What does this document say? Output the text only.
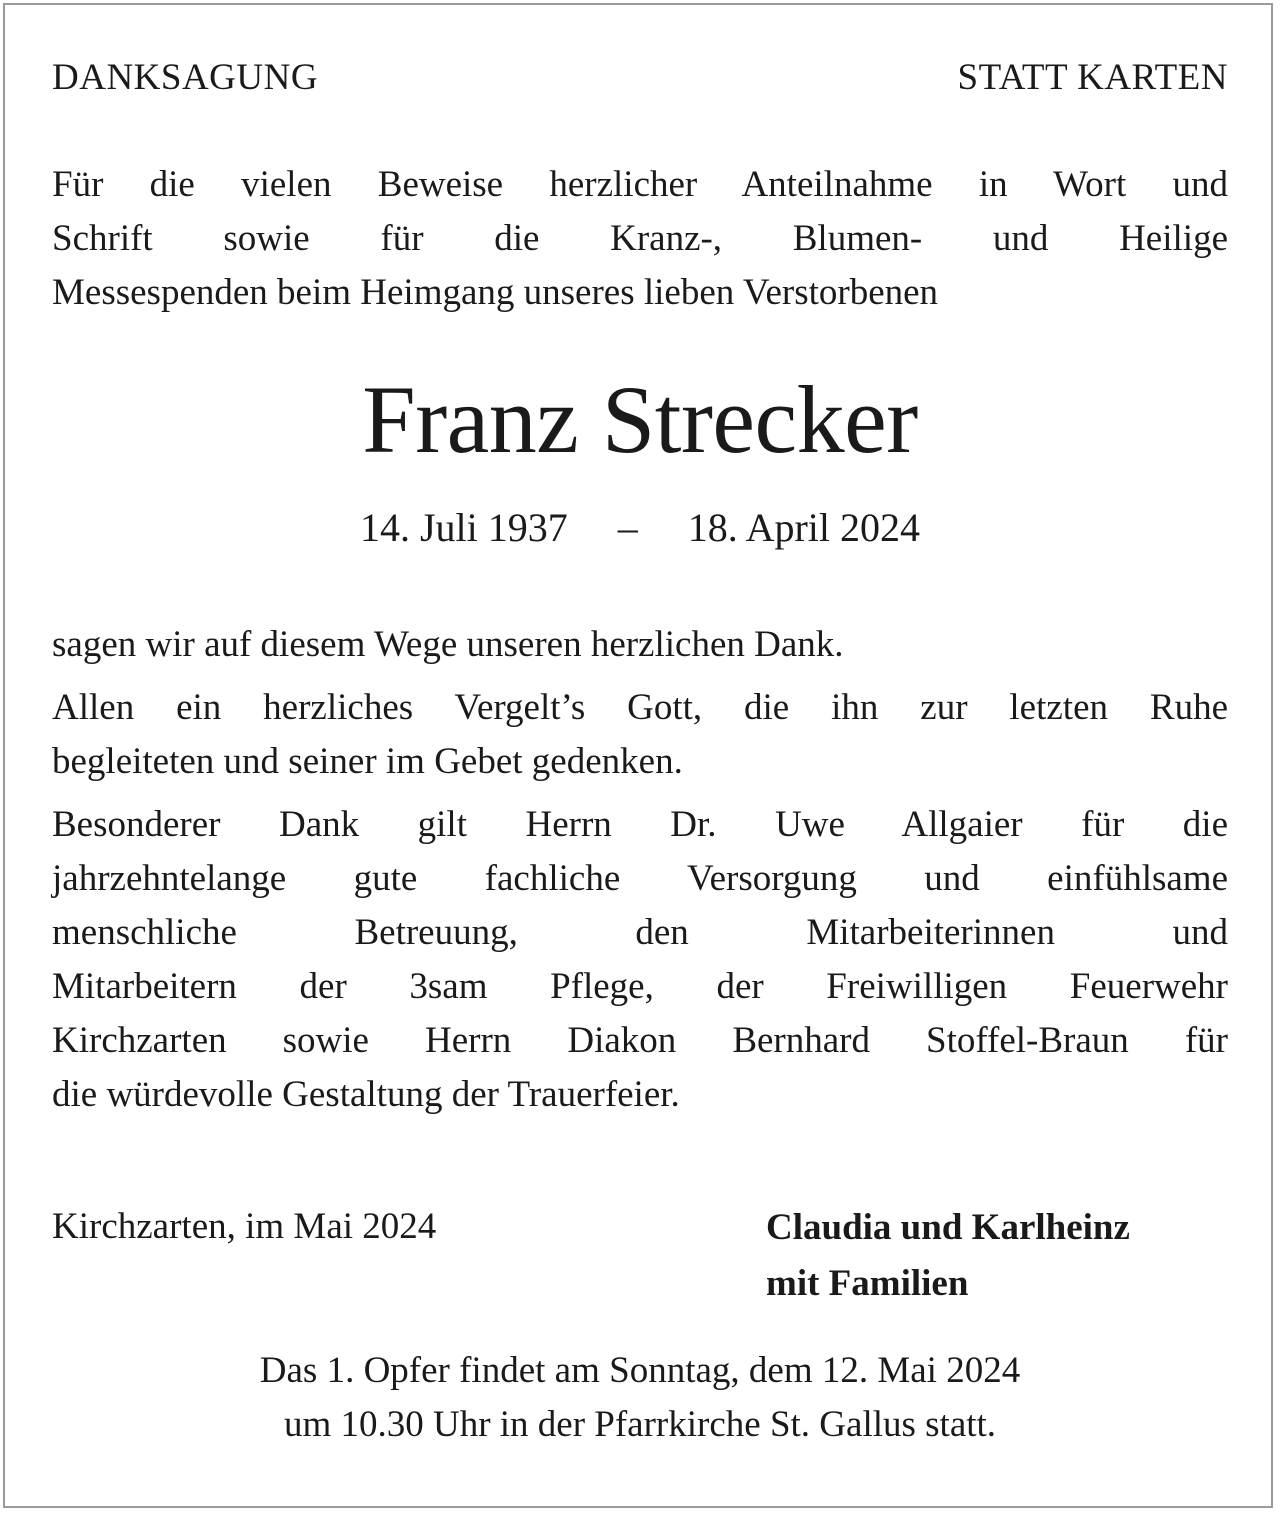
DANKSAGUNG	STATT KARTEN
Für die vielen Beweise herzlicher Anteilnahme in Wort und
Schrift sowie für die Kranz-, Blumen- und Heilige
Messespenden beim Heimgang unseres lieben Verstorbenen
Franz Strecker
14. Juli 1937 – 18. April 2024
sagen wir auf diesem Wege unseren herzlichen Dank.
Allen ein herzliches Vergelt’s Gott, die ihn zur letzten Ruhe
begleiteten und seiner im Gebet gedenken.
Besonderer Dank gilt Herrn Dr. Uwe Allgaier für die
jahrzehntelange gute fachliche Versorgung und einfühlsame
menschliche Betreuung, den Mitarbeiterinnen und
Mitarbeitern der 3sam Pflege, der Freiwilligen Feuerwehr
Kirchzarten sowie Herrn Diakon Bernhard Stoffel-Braun für
die würdevolle Gestaltung der Trauerfeier.
Kirchzarten, im Mai 2024	Claudia und Karlheinz
mit Familien
Das 1. Opfer findet am Sonntag, dem 12. Mai 2024
um 10.30 Uhr in der Pfarrkirche St. Gallus statt.
